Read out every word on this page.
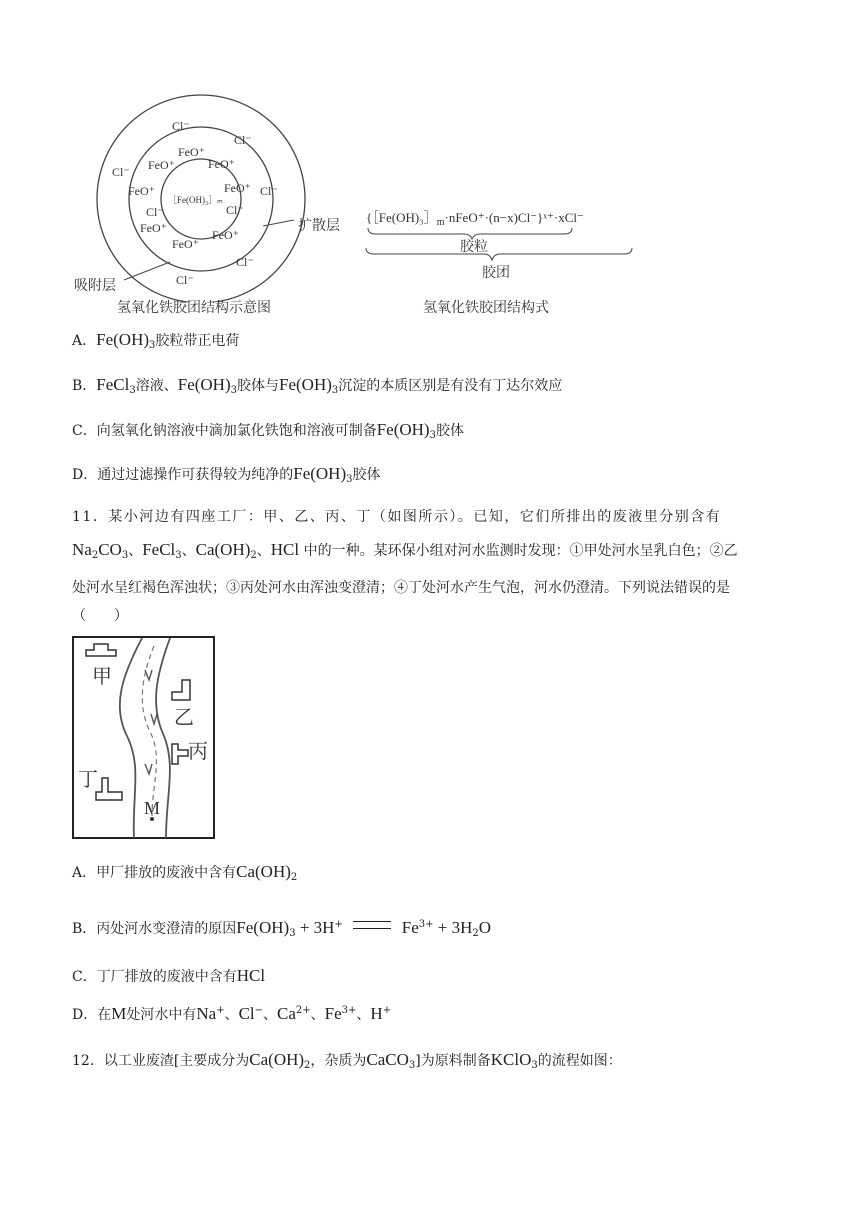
Cl⁻
Cl⁻
Cl⁻
Cl⁻
Cl⁻
Cl⁻
FeO⁺
FeO⁺	FeO⁺
FeO⁺	FeO⁺
FeO⁺
FeO⁺
FeO⁺
Cl⁻	Cl⁻
［Fe(OH)₃］ₘ
扩散层
吸附层
氢氧化铁胶团结构示意图
$\{[Fe(OH)_3]_m\cdot nFeO^+\cdot(n-x)Cl^-\}ˣ^+\cdot xCl^-$
胶粒
胶团
氢氧化铁胶团结构式
A．$Fe(OH)_3$胶粒带正电荷
B．FeCl$_3$溶液、$Fe(OH)_3$胶体与$Fe(OH)_3$沉淀的本质区别是有没有丁达尔效应
C．向氢氧化钠溶液中滴加氯化铁饱和溶液可制备$Fe(OH)_3$胶体
D．通过过滤操作可获得较为纯净的$Fe(OH)_3$胶体
11．某小河边有四座工厂：甲、乙、丙、丁（如图所示）。已知，它们所排出的废液里分别含有
$Na_2CO_3$、FeCl$_3$、$Ca(OH)_2$、HCl 中的一种。某环保小组对河水监测时发现：①甲处河水呈乳白色；②乙
处河水呈红褐色浑浊状；③丙处河水由浑浊变澄清；④丁处河水产生气泡，河水仍澄清。下列说法错误的是
（　　）
甲
乙
丙
丁
M
A．甲厂排放的废液中含有$Ca(OH)_2$
B．丙处河水变澄清的原因$Fe(OH)_3 + 3H^+$	$Fe^{3+} + 3H_2O$
C．丁厂排放的废液中含有HCl
D．在M处河水中有Na+、Cl−、$Ca^{2+}$、$Fe^{3+}$、H+
12．以工业废渣[主要成分为$Ca(OH)_2$，杂质为CaCO$_3$]为原料制备KClO$_3$的流程如图：
